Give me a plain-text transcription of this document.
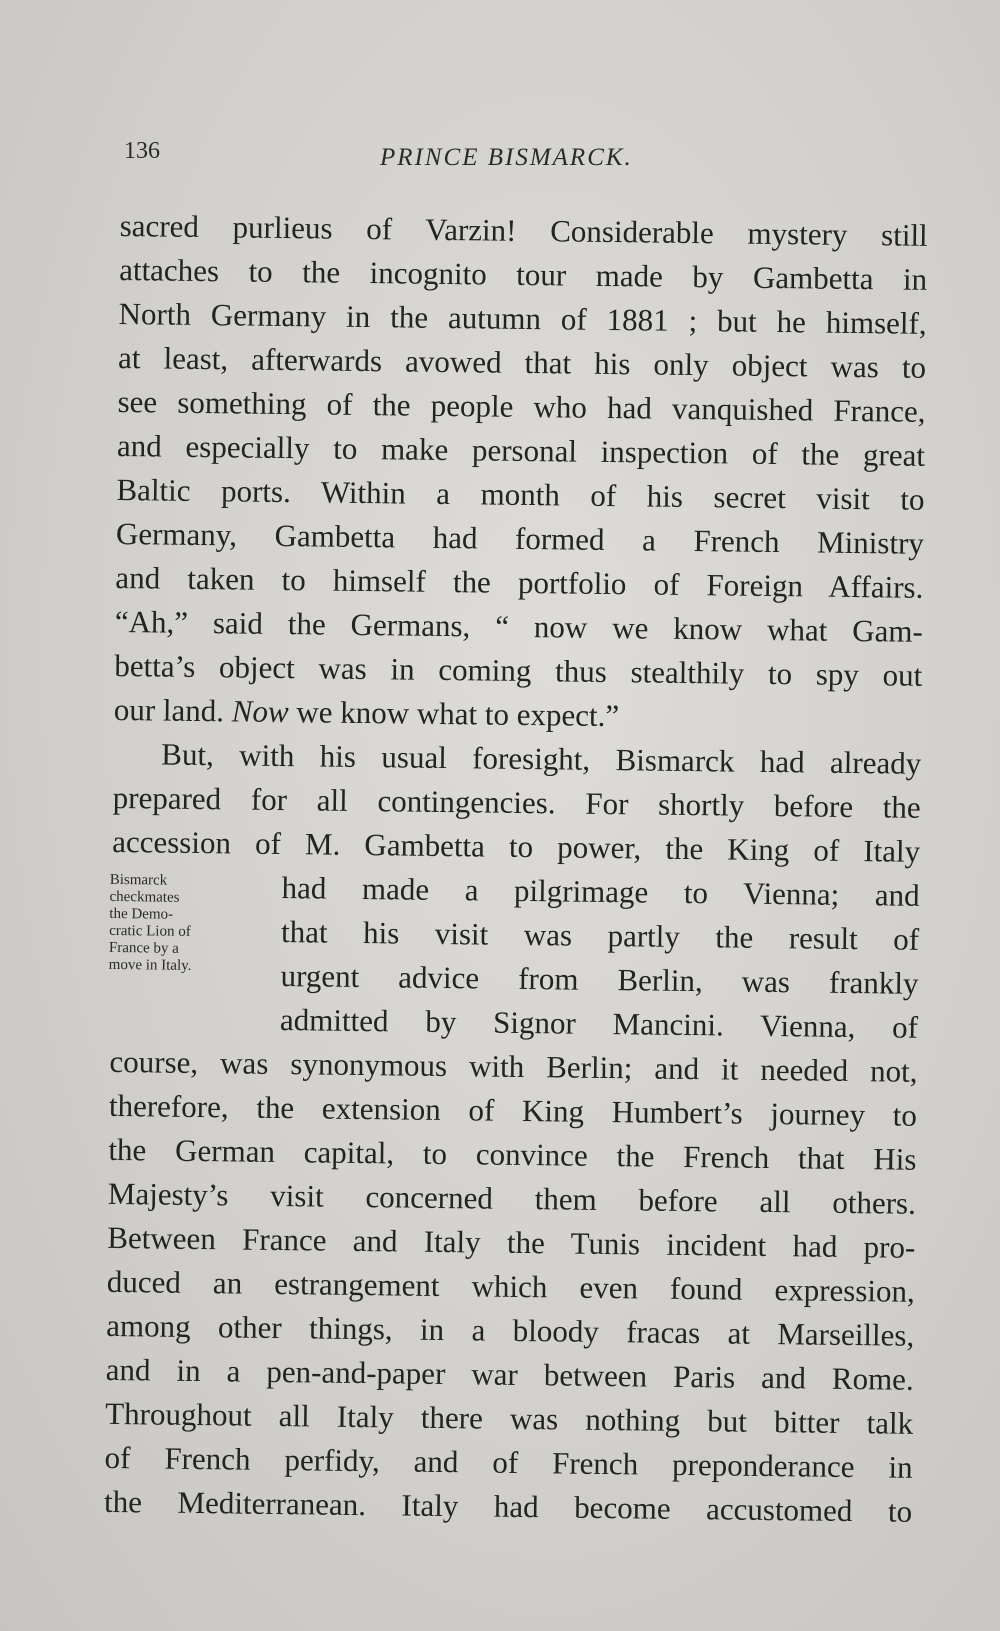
136	PRINCE BISMARCK.
sacred purlieus of Varzin! Considerable mystery still
attaches to the incognito tour made by Gambetta in
North Germany in the autumn of 1881 ; but he himself,
at least, afterwards avowed that his only object was to
see something of the people who had vanquished France,
and especially to make personal inspection of the great
Baltic ports. Within a month of his secret visit to
Germany, Gambetta had formed a French Ministry
and taken to himself the portfolio of Foreign Affairs.
“Ah,” said the Germans, “ now we know what Gam-
betta’s object was in coming thus stealthily to spy out
our land. Now we know what to expect.”
But, with his usual foresight, Bismarck had already
prepared for all contingencies. For shortly before the
accession of M. Gambetta to power, the King of Italy
Bismarck
checkmates
the Demo-
cratic Lion of
France by a
move in Italy.
had made a pilgrimage to Vienna; and
that his visit was partly the result of
urgent advice from Berlin, was frankly
admitted by Signor Mancini. Vienna, of
course, was synonymous with Berlin; and it needed not,
therefore, the extension of King Humbert’s journey to
the German capital, to convince the French that His
Majesty’s visit concerned them before all others.
Between France and Italy the Tunis incident had pro-
duced an estrangement which even found expression,
among other things, in a bloody fracas at Marseilles,
and in a pen-and-paper war between Paris and Rome.
Throughout all Italy there was nothing but bitter talk
of French perfidy, and of French preponderance in
the Mediterranean. Italy had become accustomed to
